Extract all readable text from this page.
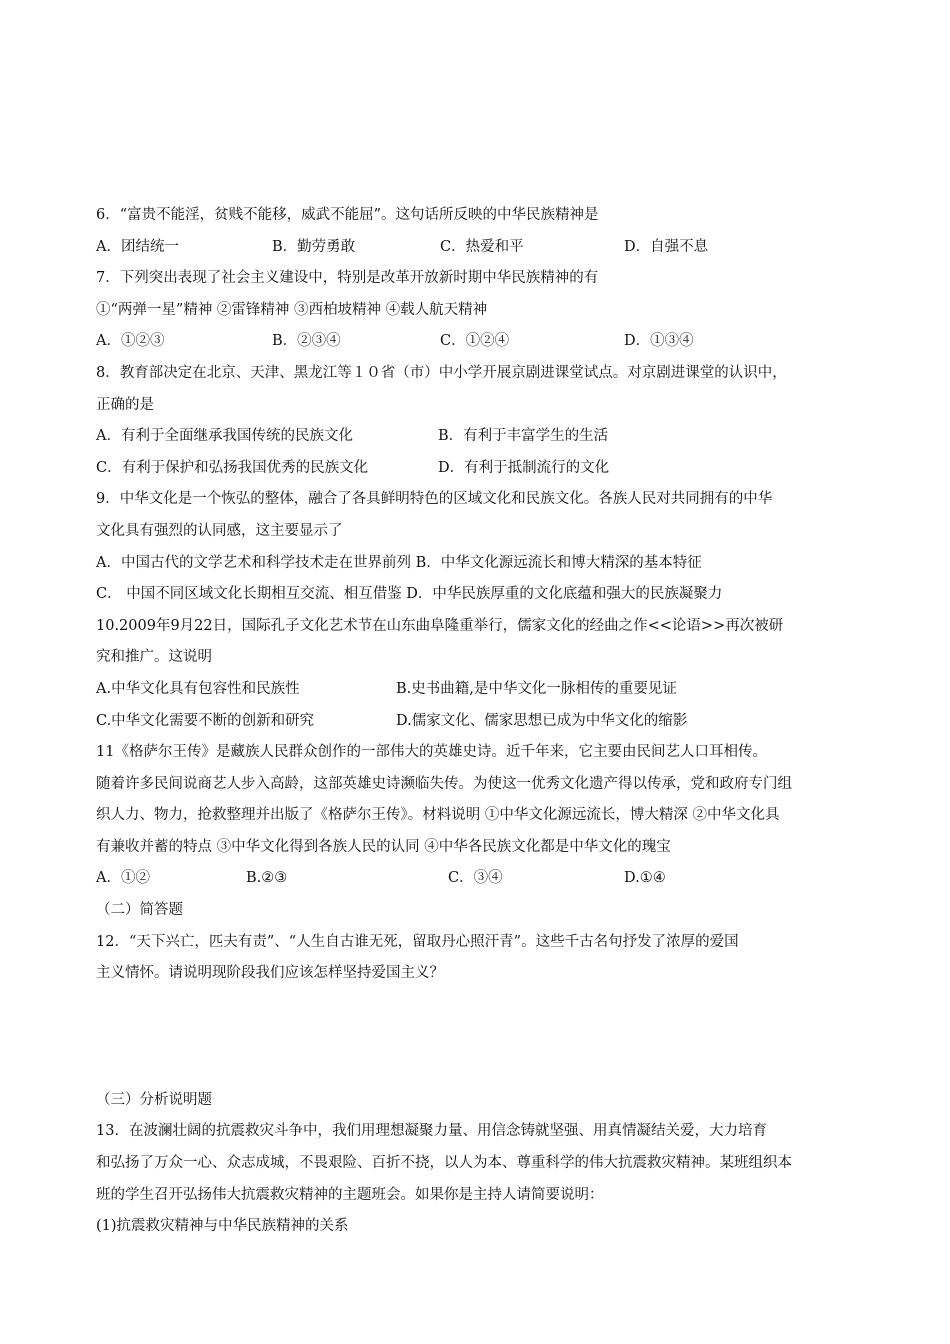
6．“富贵不能淫，贫贱不能移，威武不能屈”。这句话所反映的中华民族精神是
A．团结统一	B．勤劳勇敢	C．热爱和平	D．自强不息
7．下列突出表现了社会主义建设中，特别是改革开放新时期中华民族精神的有
①“两弹一星”精神 ②雷锋精神 ③西柏坡精神 ④载人航天精神
A．①②③	B．②③④	C．①②④	D．①③④
8．教育部决定在北京、天津、黑龙江等１０省（市）中小学开展京剧进课堂试点。对京剧进课堂的认识中，
正确的是
A．有利于全面继承我国传统的民族文化	B．有利于丰富学生的生活
C．有利于保护和弘扬我国优秀的民族文化	D．有利于抵制流行的文化
9．中华文化是一个恢弘的整体，融合了各具鲜明特色的区域文化和民族文化。各族人民对共同拥有的中华
文化具有强烈的认同感，这主要显示了
A．中国古代的文学艺术和科学技术走在世界前列 B．中华文化源远流长和博大精深的基本特征
C． 中国不同区域文化长期相互交流、相互借鉴 D．中华民族厚重的文化底蕴和强大的民族凝聚力
10.2009年9月22日，国际孔子文化艺术节在山东曲阜隆重举行，儒家文化的经曲之作<<论语>>再次被研
究和推广。这说明
A.中华文化具有包容性和民族性	B.史书曲籍,是中华文化一脉相传的重要见证
C.中华文化需要不断的创新和研究	D.儒家文化、儒家思想已成为中华文化的缩影
11《格萨尔王传》是藏族人民群众创作的一部伟大的英雄史诗。近千年来，它主要由民间艺人口耳相传。
随着许多民间说商艺人步入高龄，这部英雄史诗濒临失传。为使这一优秀文化遗产得以传承，党和政府专门组
织人力、物力，抢救整理并出版了《格萨尔王传》。材料说明 ①中华文化源远流长，博大精深 ②中华文化具
有兼收并蓄的特点 ③中华文化得到各族人民的认同 ④中华各民族文化都是中华文化的瑰宝
A．①②	B.②③	C．③④	D.①④
（二）简答题
12．“天下兴亡，匹夫有责”、“人生自古谁无死，留取丹心照汗青”。这些千古名句抒发了浓厚的爱国
主义情怀。请说明现阶段我们应该怎样坚持爱国主义？
（三）分析说明题
13．在波澜壮阔的抗震救灾斗争中，我们用理想凝聚力量、用信念铸就坚强、用真情凝结关爱，大力培育
和弘扬了万众一心、众志成城，不畏艰险、百折不挠，以人为本、尊重科学的伟大抗震救灾精神。某班组织本
班的学生召开弘扬伟大抗震救灾精神的主题班会。如果你是主持人请简要说明：
(1)抗震救灾精神与中华民族精神的关系
